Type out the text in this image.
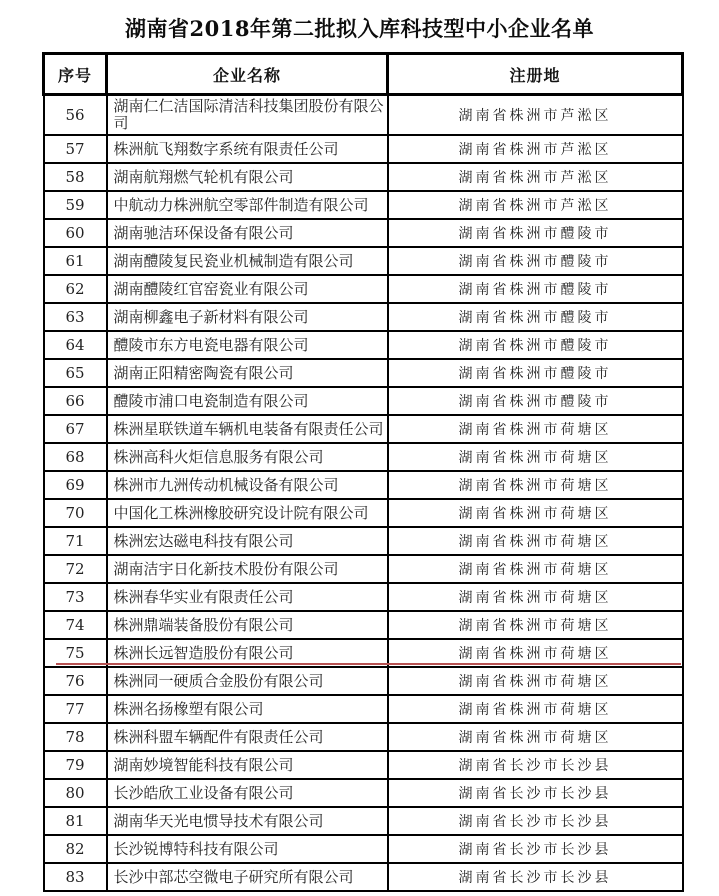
湖南省2018年第二批拟入库科技型中小企业名单
序号	企业名称	注册地
56	湖南仁仁洁国际清洁科技集团股份有限公司	湖南省株洲市芦淞区
57	株洲航飞翔数字系统有限责任公司	湖南省株洲市芦淞区
58	湖南航翔燃气轮机有限公司	湖南省株洲市芦淞区
59	中航动力株洲航空零部件制造有限公司	湖南省株洲市芦淞区
60	湖南驰洁环保设备有限公司	湖南省株洲市醴陵市
61	湖南醴陵复民瓷业机械制造有限公司	湖南省株洲市醴陵市
62	湖南醴陵红官窑瓷业有限公司	湖南省株洲市醴陵市
63	湖南柳鑫电子新材料有限公司	湖南省株洲市醴陵市
64	醴陵市东方电瓷电器有限公司	湖南省株洲市醴陵市
65	湖南正阳精密陶瓷有限公司	湖南省株洲市醴陵市
66	醴陵市浦口电瓷制造有限公司	湖南省株洲市醴陵市
67	株洲星联铁道车辆机电装备有限责任公司	湖南省株洲市荷塘区
68	株洲高科火炬信息服务有限公司	湖南省株洲市荷塘区
69	株洲市九洲传动机械设备有限公司	湖南省株洲市荷塘区
70	中国化工株洲橡胶研究设计院有限公司	湖南省株洲市荷塘区
71	株洲宏达磁电科技有限公司	湖南省株洲市荷塘区
72	湖南洁宇日化新技术股份有限公司	湖南省株洲市荷塘区
73	株洲春华实业有限责任公司	湖南省株洲市荷塘区
74	株洲鼎端装备股份有限公司	湖南省株洲市荷塘区
75	株洲长远智造股份有限公司	湖南省株洲市荷塘区
76	株洲同一硬质合金股份有限公司	湖南省株洲市荷塘区
77	株洲名扬橡塑有限公司	湖南省株洲市荷塘区
78	株洲科盟车辆配件有限责任公司	湖南省株洲市荷塘区
79	湖南妙境智能科技有限公司	湖南省长沙市长沙县
80	长沙皓欣工业设备有限公司	湖南省长沙市长沙县
81	湖南华天光电惯导技术有限公司	湖南省长沙市长沙县
82	长沙锐博特科技有限公司	湖南省长沙市长沙县
83	长沙中部芯空微电子研究所有限公司	湖南省长沙市长沙县
